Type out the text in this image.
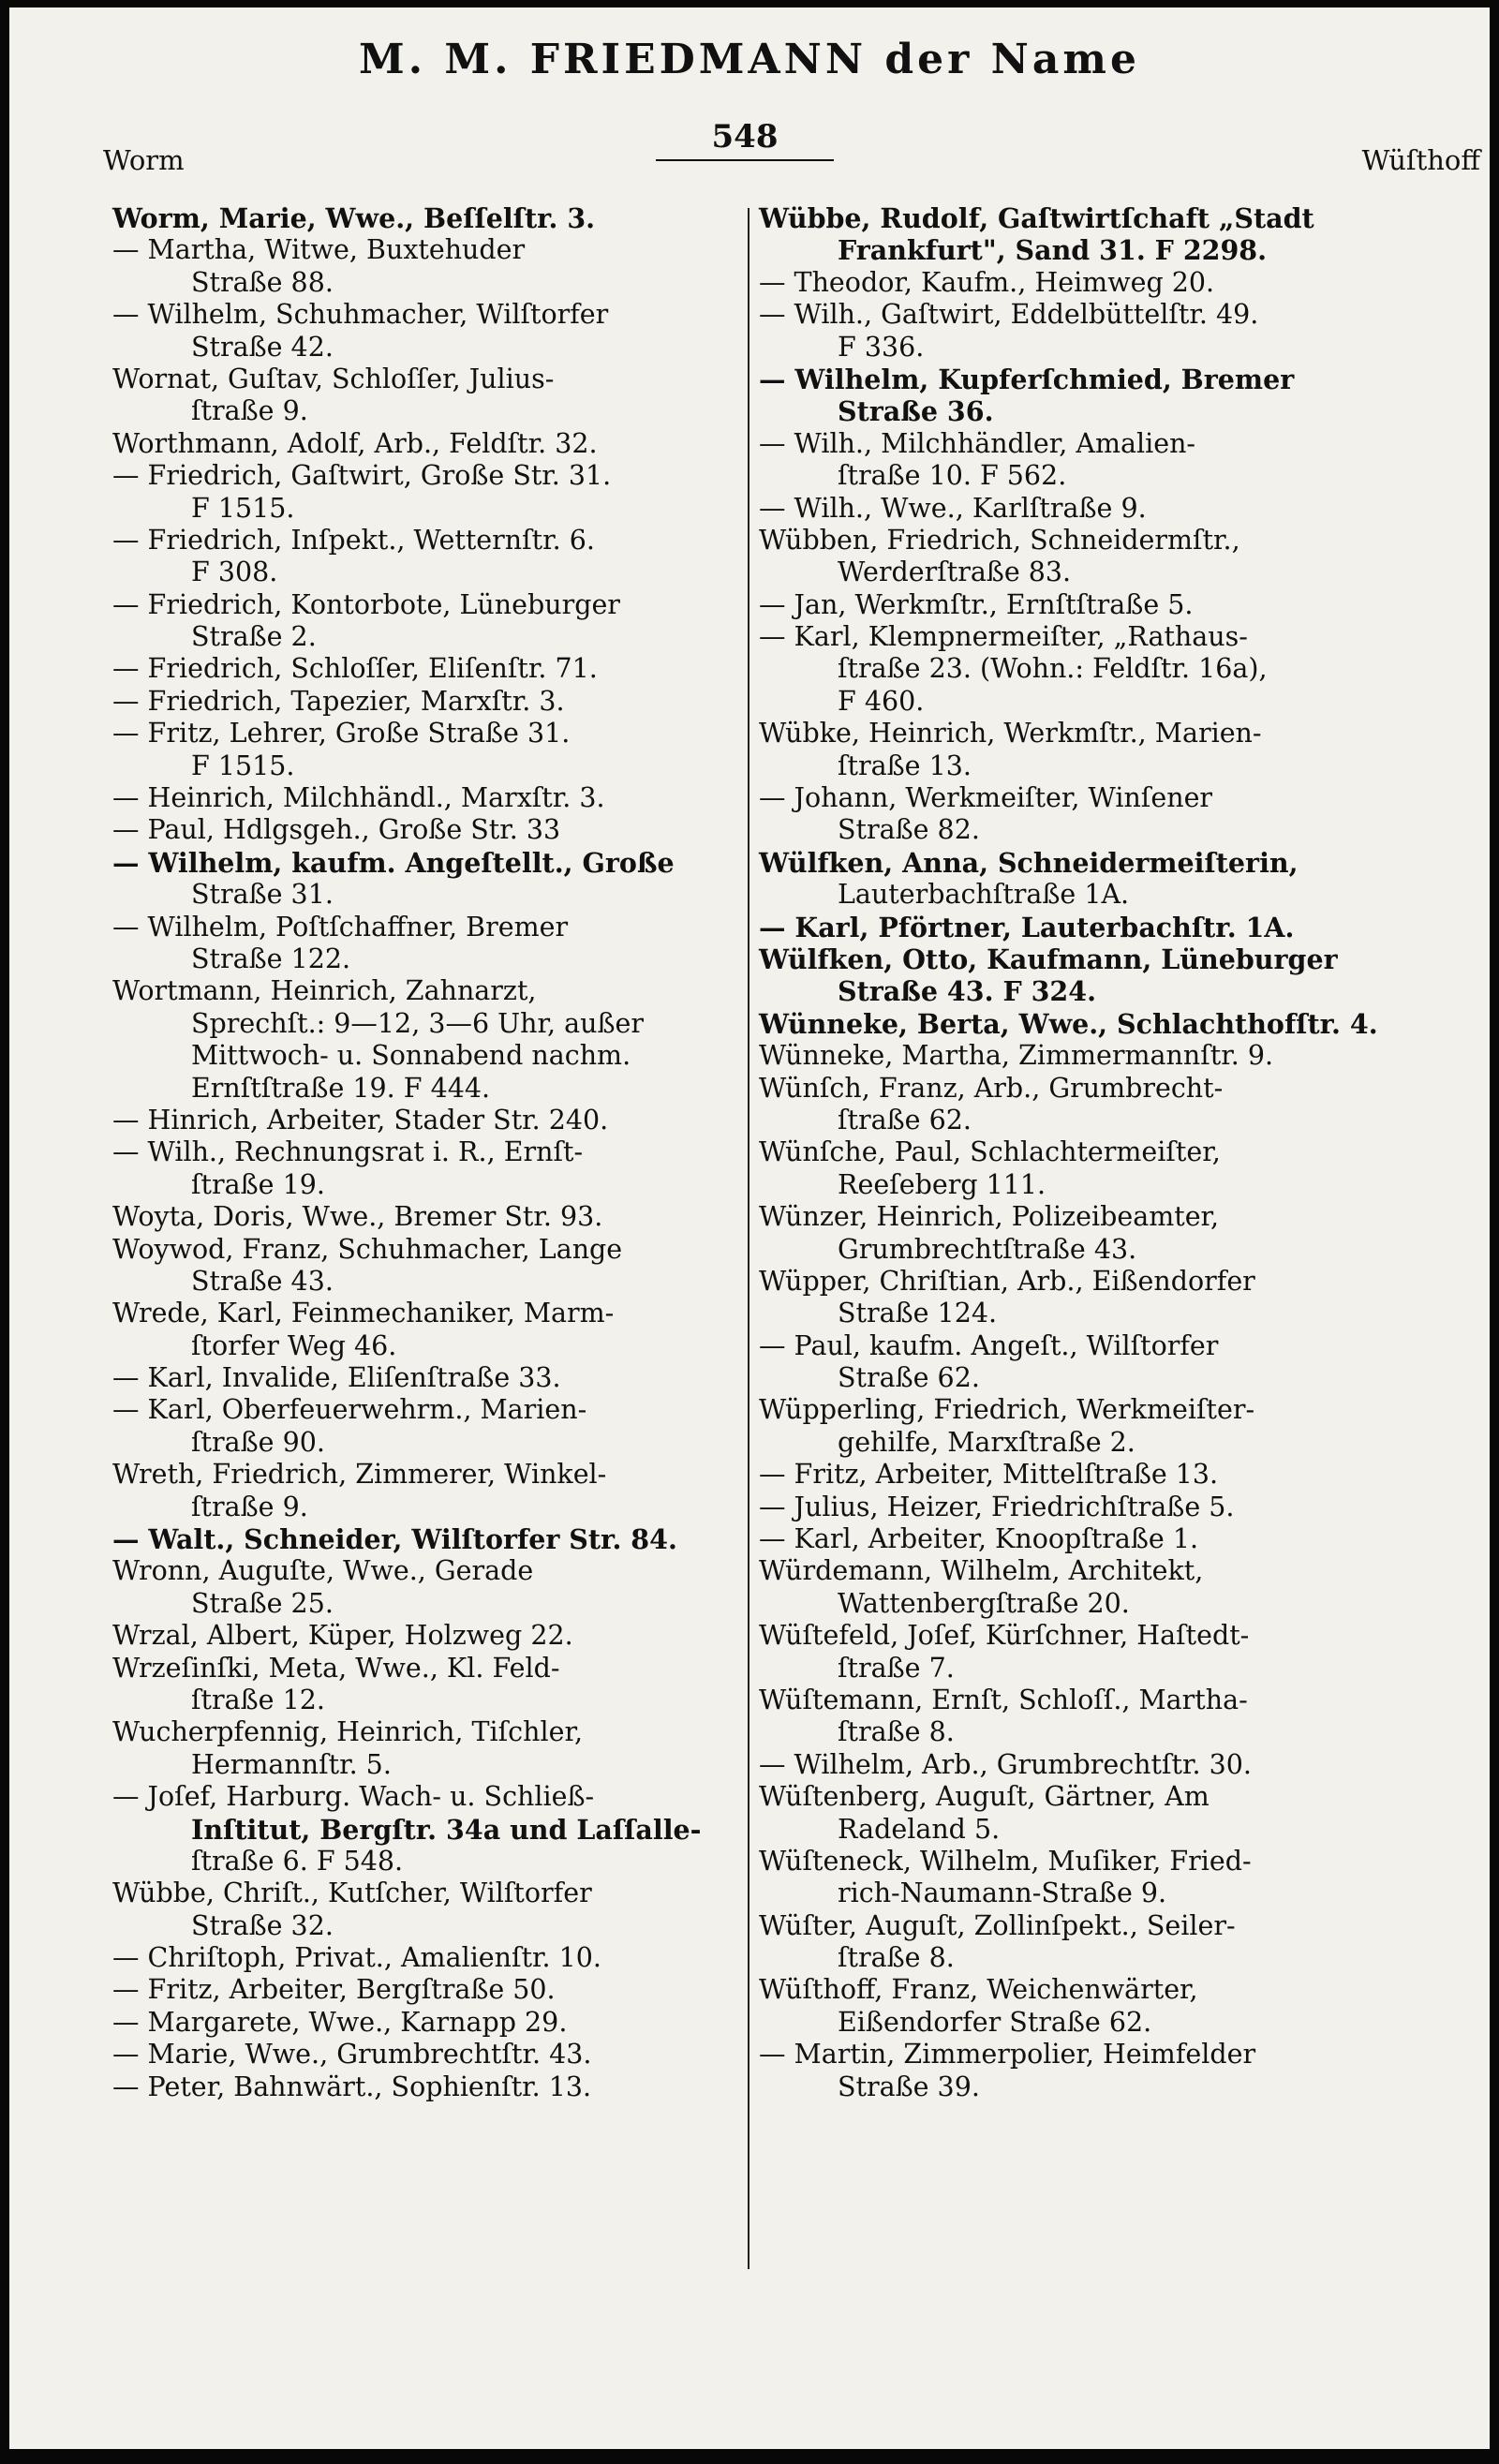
M. M. FRIEDMANN der Name
Worm
548
Wüſthoff
Worm, Marie, Wwe., Beſſelſtr. 3.
— Martha, Witwe, Buxtehuder
Straße 88.
— Wilhelm, Schuhmacher, Wilſtorfer
Straße 42.
Wornat, Guſtav, Schloſſer, Julius-
ſtraße 9.
Worthmann, Adolf, Arb., Feldſtr. 32.
— Friedrich, Gaſtwirt, Große Str. 31.
F 1515.
— Friedrich, Inſpekt., Wetternſtr. 6.
F 308.
— Friedrich, Kontorbote, Lüneburger
Straße 2.
— Friedrich, Schloſſer, Eliſenſtr. 71.
— Friedrich, Tapezier, Marxſtr. 3.
— Fritz, Lehrer, Große Straße 31.
F 1515.
— Heinrich, Milchhändl., Marxſtr. 3.
— Paul, Hdlgsgeh., Große Str. 33
— Wilhelm, kaufm. Angeſtellt., Große
Straße 31.
— Wilhelm, Poſtſchaffner, Bremer
Straße 122.
Wortmann, Heinrich, Zahnarzt,
Sprechſt.: 9—12, 3—6 Uhr, außer
Mittwoch- u. Sonnabend nachm.
Ernſtſtraße 19. F 444.
— Hinrich, Arbeiter, Stader Str. 240.
— Wilh., Rechnungsrat i. R., Ernſt-
ſtraße 19.
Woyta, Doris, Wwe., Bremer Str. 93.
Woywod, Franz, Schuhmacher, Lange
Straße 43.
Wrede, Karl, Feinmechaniker, Marm-
ſtorfer Weg 46.
— Karl, Invalide, Eliſenſtraße 33.
— Karl, Oberfeuerwehrm., Marien-
ſtraße 90.
Wreth, Friedrich, Zimmerer, Winkel-
ſtraße 9.
— Walt., Schneider, Wilſtorfer Str. 84.
Wronn, Auguſte, Wwe., Gerade
Straße 25.
Wrzal, Albert, Küper, Holzweg 22.
Wrzeſinſki, Meta, Wwe., Kl. Feld-
ſtraße 12.
Wucherpfennig, Heinrich, Tiſchler,
Hermannſtr. 5.
— Joſef, Harburg. Wach- u. Schließ-
Inſtitut, Bergſtr. 34a und Laſſalle-
ſtraße 6. F 548.
Wübbe, Chriſt., Kutſcher, Wilſtorfer
Straße 32.
— Chriſtoph, Privat., Amalienſtr. 10.
— Fritz, Arbeiter, Bergſtraße 50.
— Margarete, Wwe., Karnapp 29.
— Marie, Wwe., Grumbrechtſtr. 43.
— Peter, Bahnwärt., Sophienſtr. 13.
Wübbe, Rudolf, Gaſtwirtſchaft „Stadt
Frankfurt", Sand 31. F 2298.
— Theodor, Kaufm., Heimweg 20.
— Wilh., Gaſtwirt, Eddelbüttelſtr. 49.
F 336.
— Wilhelm, Kupferſchmied, Bremer
Straße 36.
— Wilh., Milchhändler, Amalien-
ſtraße 10. F 562.
— Wilh., Wwe., Karlſtraße 9.
Wübben, Friedrich, Schneidermſtr.,
Werderſtraße 83.
— Jan, Werkmſtr., Ernſtſtraße 5.
— Karl, Klempnermeiſter, „Rathaus-
ſtraße 23. (Wohn.: Feldſtr. 16a),
F 460.
Wübke, Heinrich, Werkmſtr., Marien-
ſtraße 13.
— Johann, Werkmeiſter, Winſener
Straße 82.
Wülfken, Anna, Schneidermeiſterin,
Lauterbachſtraße 1A.
— Karl, Pförtner, Lauterbachſtr. 1A.
Wülfken, Otto, Kaufmann, Lüneburger
Straße 43. F 324.
Wünneke, Berta, Wwe., Schlachthofſtr. 4.
Wünneke, Martha, Zimmermannſtr. 9.
Wünſch, Franz, Arb., Grumbrecht-
ſtraße 62.
Wünſche, Paul, Schlachtermeiſter,
Reeſeberg 111.
Wünzer, Heinrich, Polizeibeamter,
Grumbrechtſtraße 43.
Wüpper, Chriſtian, Arb., Eißendorfer
Straße 124.
— Paul, kaufm. Angeſt., Wilſtorfer
Straße 62.
Wüpperling, Friedrich, Werkmeiſter-
gehilfe, Marxſtraße 2.
— Fritz, Arbeiter, Mittelſtraße 13.
— Julius, Heizer, Friedrichſtraße 5.
— Karl, Arbeiter, Knoopſtraße 1.
Würdemann, Wilhelm, Architekt,
Wattenbergſtraße 20.
Wüſtefeld, Joſef, Kürſchner, Haſtedt-
ſtraße 7.
Wüſtemann, Ernſt, Schloſſ., Martha-
ſtraße 8.
— Wilhelm, Arb., Grumbrechtſtr. 30.
Wüſtenberg, Auguſt, Gärtner, Am
Radeland 5.
Wüſteneck, Wilhelm, Muſiker, Fried-
rich-Naumann-Straße 9.
Wüſter, Auguſt, Zollinſpekt., Seiler-
ſtraße 8.
Wüſthoff, Franz, Weichenwärter,
Eißendorfer Straße 62.
— Martin, Zimmerpolier, Heimfelder
Straße 39.
